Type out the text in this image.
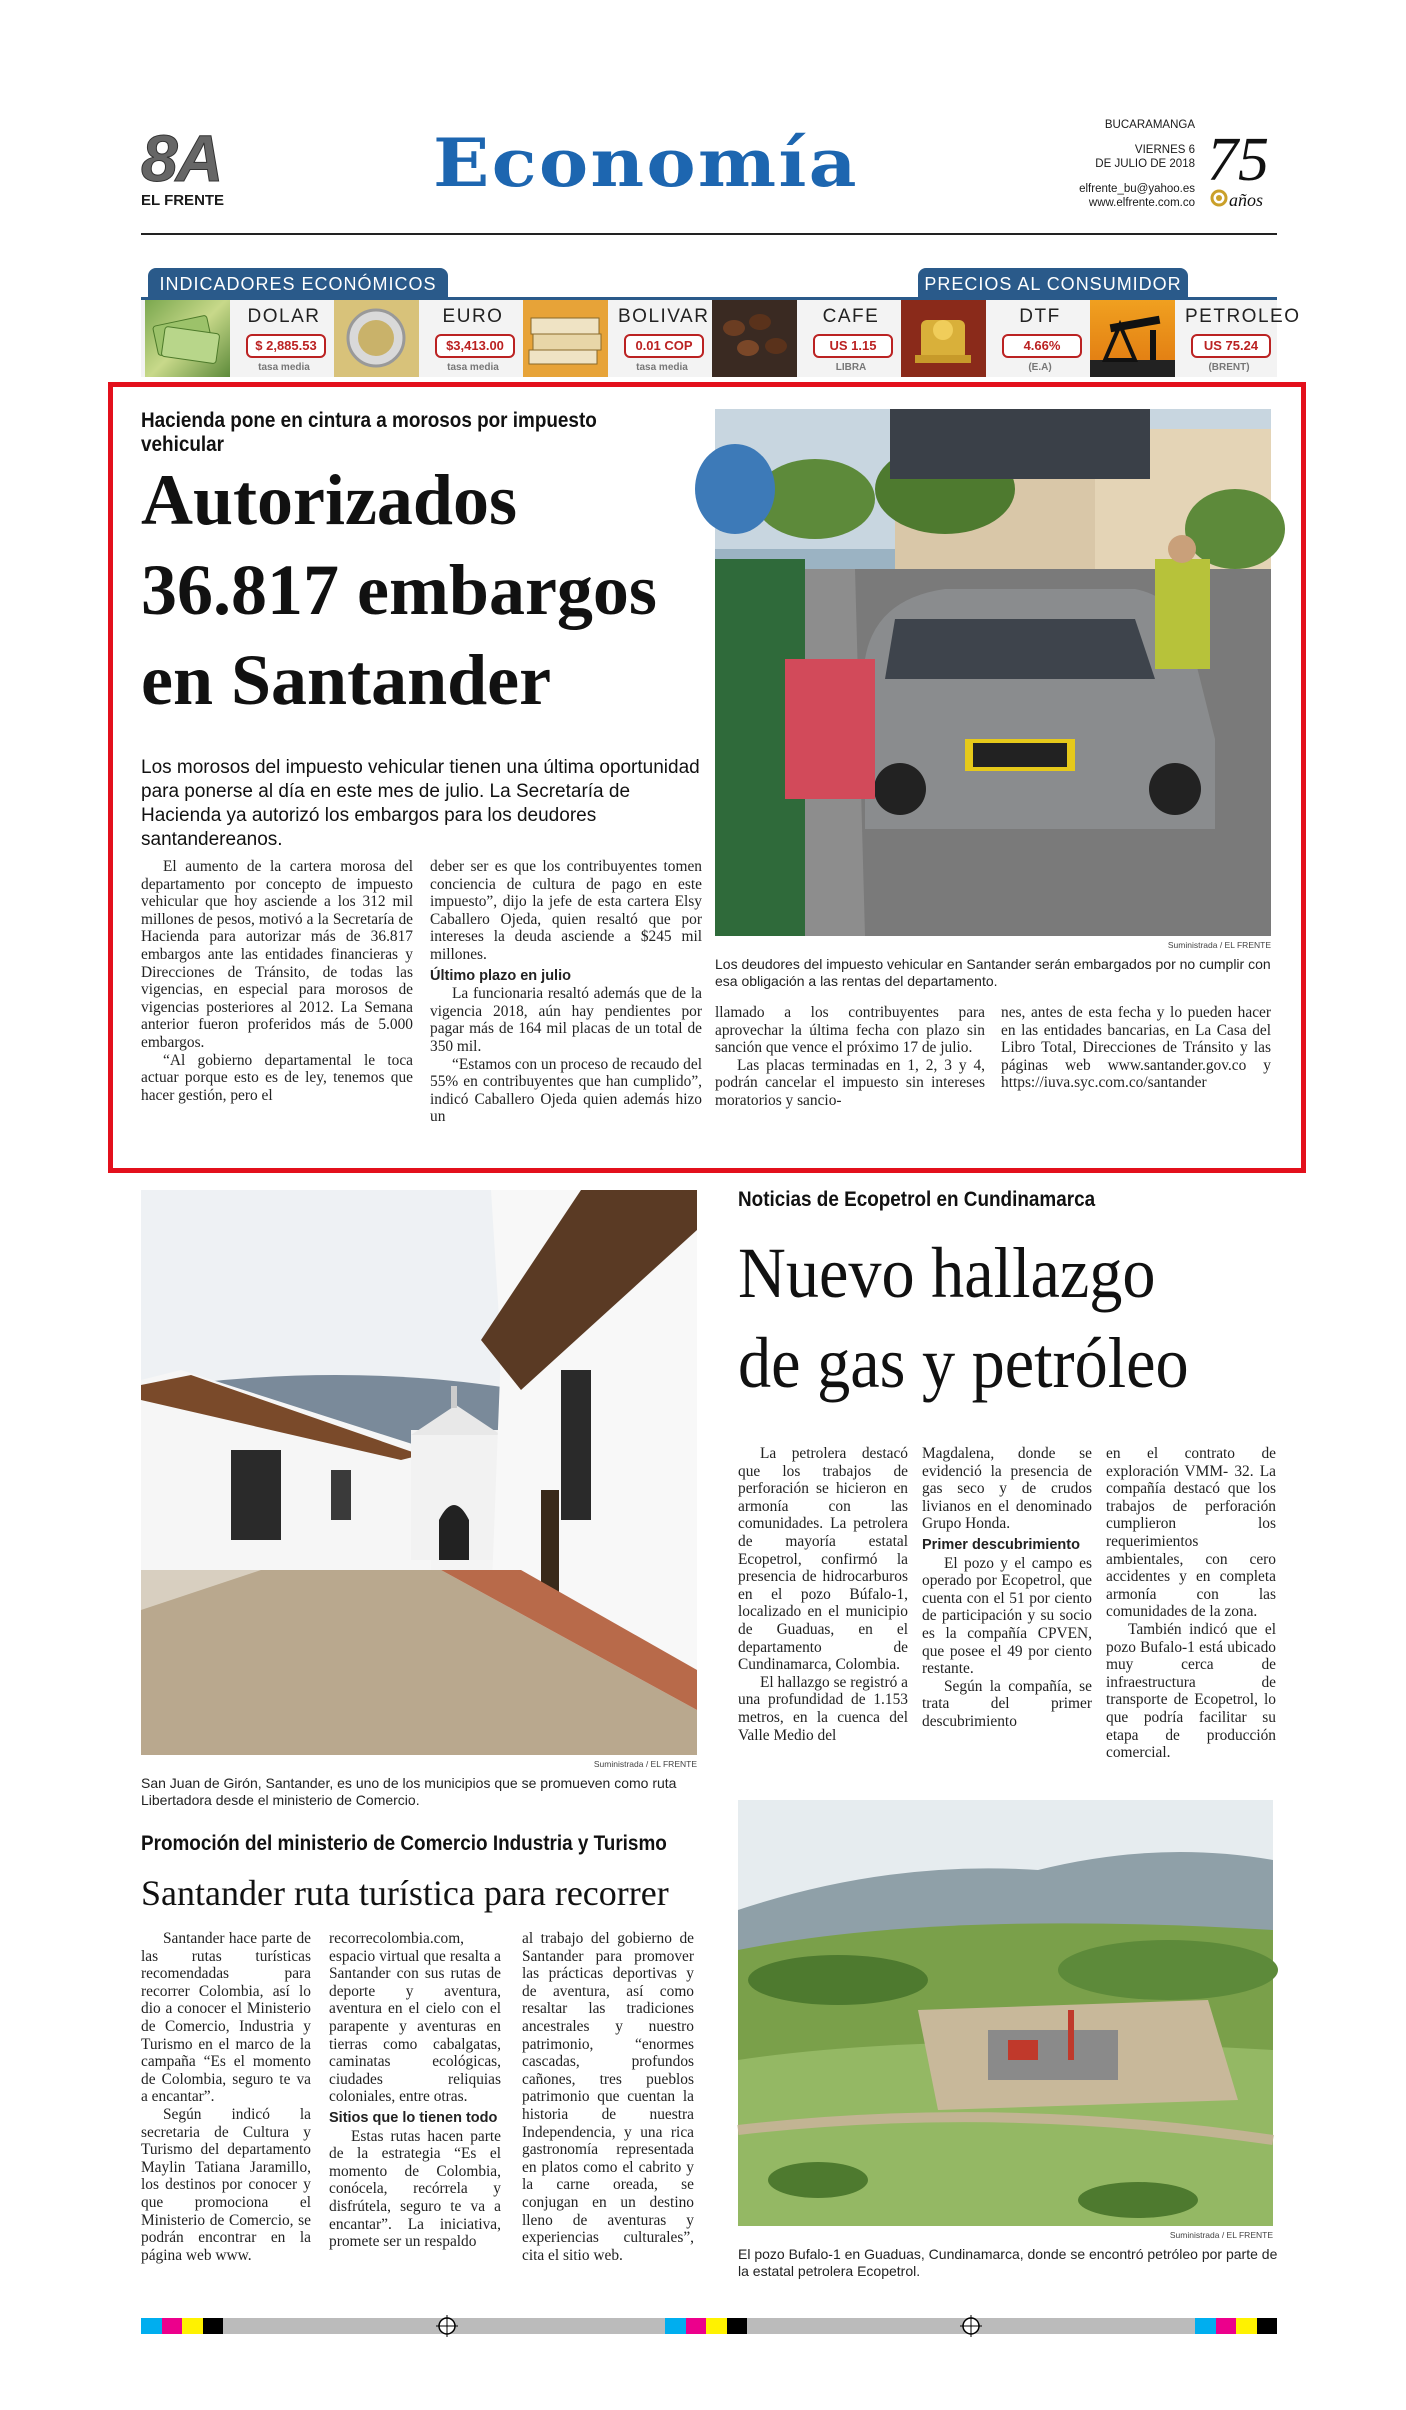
8A
EL FRENTE	Economía	BUCARAMANGA
VIERNES 6
DE JULIO DE 2018
elfrente_bu@yahoo.es
www.elfrente.com.co
75
años
INDICADORES ECONÓMICOS	PRECIOS AL CONSUMIDOR
DOLAR
$ 2,885.53
tasa media
EURO
$3,413.00
tasa media
BOLIVAR
0.01 COP
tasa media
CAFE
US 1.15
LIBRA
DTF
4.66%
(E.A)
PETROLEO
US 75.24
(BRENT)
Hacienda pone en cintura a morosos por impuesto vehicular
Autorizados
36.817 embargos
en Santander
Los morosos del impuesto vehicular tienen una última oportunidad para ponerse al día en este mes de julio. La Secretaría de Hacienda ya autorizó los embargos para los deudores santandereanos.

El aumento de la cartera morosa del departamento por concepto de impuesto vehicular que hoy asciende a los 312 mil millones de pesos, motivó a la Secretaría de Hacienda para autorizar más de 36.817 embargos ante las entidades financieras y Direcciones de Tránsito, de todas las vigencias, en especial para morosos de vigencias posteriores al 2012. La Semana anterior fueron proferidos más de 5.000 embargos.

“Al gobierno departamental le toca actuar porque esto es de ley, tenemos que hacer gestión, pero el

deber ser es que los contribuyentes tomen conciencia de cultura de pago en este impuesto”, dijo la jefe de esta cartera Elsy Caballero Ojeda, quien resaltó que por intereses la deuda asciende a $245 mil millones.

Último plazo en julio

La funcionaria resaltó además que de la vigencia 2018, aún hay pendientes por pagar más de 164 mil placas de un total de 350 mil.

“Estamos con un proceso de recaudo del 55% en contribuyentes que han cumplido”, indicó Caballero Ojeda quien además hizo un

Suministrada / EL FRENTE
Los deudores del impuesto vehicular en Santander serán embargados por no cumplir con esa obligación a las rentas del departamento.

llamado a los contribuyentes para aprovechar la última fecha con plazo sin sanción que vence el próximo 17 de julio.

Las placas terminadas en 1, 2, 3 y 4, podrán cancelar el impuesto sin intereses moratorios y sancio-

nes, antes de esta fecha y lo pueden hacer en las entidades bancarias, en La Casa del Libro Total, Direcciones de Tránsito y las páginas web www.santander.gov.co y https://iuva.syc.com.co/santander

Suministrada / EL FRENTE
San Juan de Girón, Santander, es uno de los municipios que se promueven como ruta Libertadora desde el ministerio de Comercio.
Promoción del ministerio de Comercio Industria y Turismo
Santander ruta turística para recorrer

Santander hace parte de las rutas turísticas recomendadas para recorrer Colombia, así lo dio a conocer el Ministerio de Comercio, Industria y Turismo en el marco de la campaña “Es el momento de Colombia, seguro te va a encantar”.

Según indicó la secretaria de Cultura y Turismo del departamento Maylin Tatiana Jaramillo, los destinos por conocer y que promociona el Ministerio de Comercio, se podrán encontrar en la página web www.

recorrecolombia.com, espacio virtual que resalta a Santander con sus rutas de deporte y aventura, aventura en el cielo con el parapente y aventuras en tierras como cabalgatas, caminatas ecológicas, ciudades reliquias coloniales, entre otras.

Sitios que lo tienen todo

Estas rutas hacen parte de la estrategia “Es el momento de Colombia, conócela, recórrela y disfrútela, seguro te va a encantar”. La iniciativa, promete ser un respaldo

al trabajo del gobierno de Santander para promover las prácticas deportivas y de aventura, así como resaltar las tradiciones ancestrales y nuestro patrimonio, “enormes cascadas, profundos cañones, tres pueblos patrimonio que cuentan la historia de nuestra Independencia, y una rica gastronomía representada en platos como el cabrito y la carne oreada, se conjugan en un destino lleno de aventuras y experiencias culturales”, cita el sitio web.

Noticias de Ecopetrol en Cundinamarca
Nuevo hallazgo
de gas y petróleo

La petrolera destacó que los trabajos de perforación se hicieron en armonía con las comunidades. La petrolera de mayoría estatal Ecopetrol, confirmó la presencia de hidrocarburos en el pozo Búfalo-1, localizado en el municipio de Guaduas, en el departamento de Cundinamarca, Colombia.

El hallazgo se registró a una profundidad de 1.153 metros, en la cuenca del Valle Medio del

Magdalena, donde se evidenció la presencia de gas seco y de crudos livianos en el denominado Grupo Honda.

Primer descubrimiento

El pozo y el campo es operado por Ecopetrol, que cuenta con el 51 por ciento de participación y su socio es la compañía CPVEN, que posee el 49 por ciento restante.

Según la compañía, se trata del primer descubrimiento

en el contrato de exploración VMM- 32. La compañía destacó que los trabajos de perforación cumplieron los requerimientos ambientales, con cero accidentes y en completa armonía con las comunidades de la zona.

También indicó que el pozo Bufalo-1 está ubicado muy cerca de infraestructura de transporte de Ecopetrol, lo que podría facilitar su etapa de producción comercial.

Suministrada / EL FRENTE
El pozo Bufalo-1 en Guaduas, Cundinamarca, donde se encontró petróleo por parte de la estatal petrolera Ecopetrol.
